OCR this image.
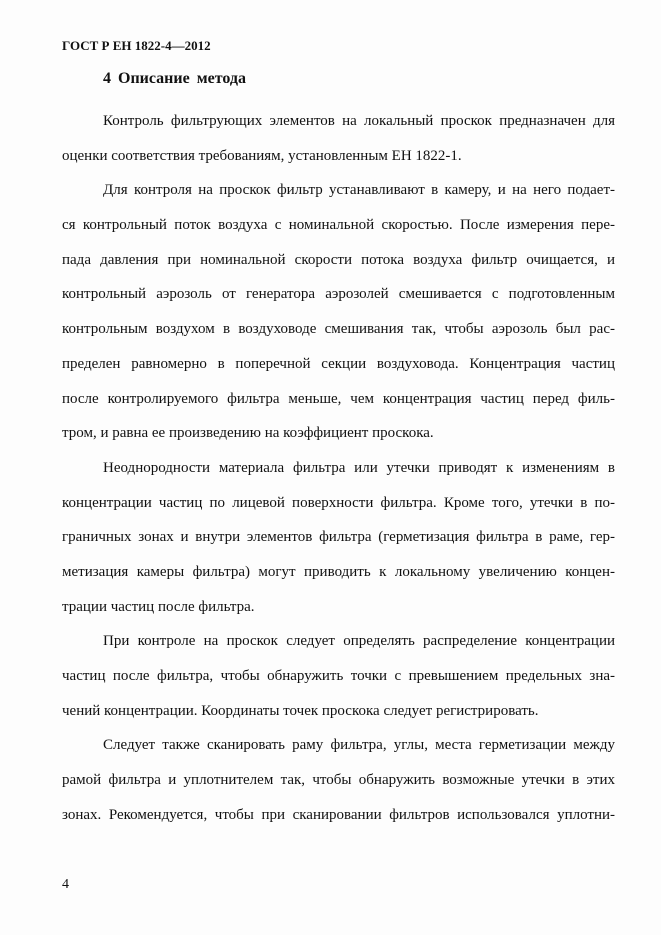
ГОСТ Р ЕН 1822-4—2012
4 Описание метода
Контроль фильтрующих элементов на локальный проскок предназначен для
оценки соответствия требованиям, установленным ЕН 1822-1.
Для контроля на проскок фильтр устанавливают в камеру, и на него подает-
ся контрольный поток воздуха с номинальной скоростью. После измерения пере-
пада давления при номинальной скорости потока воздуха фильтр очищается, и
контрольный аэрозоль от генератора аэрозолей смешивается с подготовленным
контрольным воздухом в воздуховоде смешивания так, чтобы аэрозоль был рас-
пределен равномерно в поперечной секции воздуховода. Концентрация частиц
после контролируемого фильтра меньше, чем концентрация частиц перед филь-
тром, и равна ее произведению на коэффициент проскока.
Неоднородности материала фильтра или утечки приводят к изменениям в
концентрации частиц по лицевой поверхности фильтра. Кроме того, утечки в по-
граничных зонах и внутри элементов фильтра (герметизация фильтра в раме, гер-
метизация камеры фильтра) могут приводить к локальному увеличению концен-
трации частиц после фильтра.
При контроле на проскок следует определять распределение концентрации
частиц после фильтра, чтобы обнаружить точки с превышением предельных зна-
чений концентрации. Координаты точек проскока следует регистрировать.
Следует также сканировать раму фильтра, углы, места герметизации между
рамой фильтра и уплотнителем так, чтобы обнаружить возможные утечки в этих
зонах. Рекомендуется, чтобы при сканировании фильтров использовался уплотни-
4
